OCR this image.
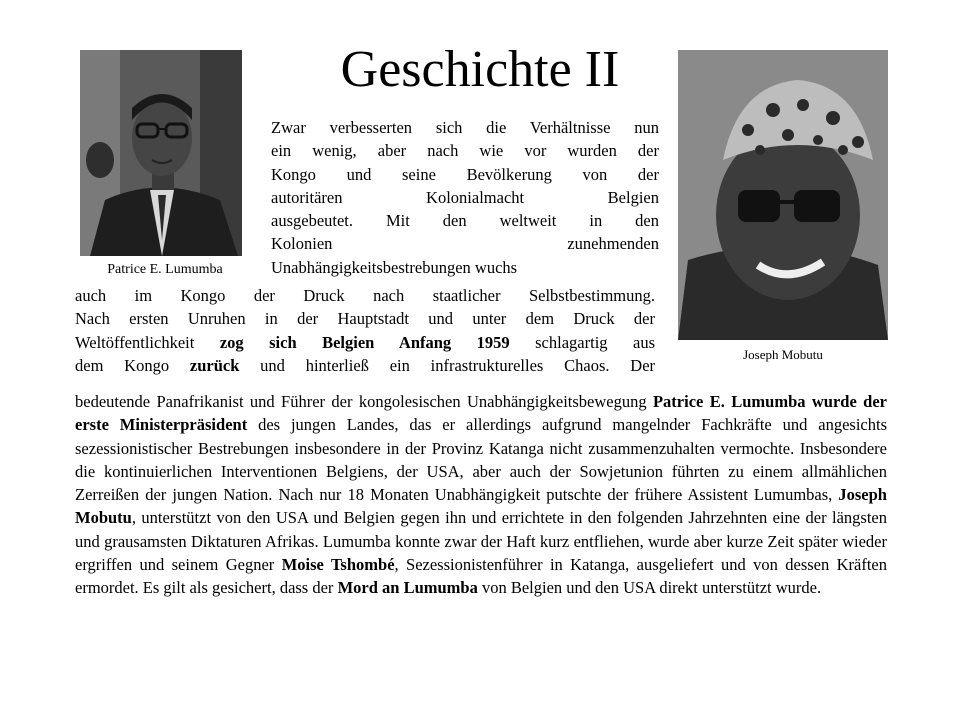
Geschichte II
Patrice E. Lumumba
Joseph Mobutu
Zwar verbesserten sich die Verhältnisse nun
ein wenig, aber nach wie vor wurden der
Kongo und seine Bevölkerung von der
autoritären Kolonialmacht Belgien
ausgebeutet. Mit den weltweit in den
Kolonien zunehmenden
Unabhängigkeitsbestrebungen wuchs
auch im Kongo der Druck nach staatlicher Selbstbestimmung.
Nach ersten Unruhen in der Hauptstadt und unter dem Druck der
Weltöffentlichkeit zog sich Belgien Anfang 1959 schlagartig aus
dem Kongo zurück und hinterließ ein infrastrukturelles Chaos. Der

bedeutende Panafrikanist und Führer der kongolesischen Unabhängigkeitsbewegung Patrice E. Lumumba wurde der erste Ministerpräsident des jungen Landes, das er allerdings aufgrund mangelnder Fachkräfte und angesichts sezessionistischer Bestrebungen insbesondere in der Provinz Katanga nicht zusammenzuhalten vermochte. Insbesondere die kontinuierlichen Interventionen Belgiens, der USA, aber auch der Sowjetunion führten zu einem allmählichen Zerreißen der jungen Nation. Nach nur 18 Monaten Unabhängigkeit putschte der frühere Assistent Lumumbas, Joseph Mobutu, unterstützt von den USA und Belgien gegen ihn und errichtete in den folgenden Jahrzehnten eine der längsten und grausamsten Diktaturen Afrikas. Lumumba konnte zwar der Haft kurz entfliehen, wurde aber kurze Zeit später wieder ergriffen und seinem Gegner Moise Tshombé, Sezessionistenführer in Katanga, ausgeliefert und von dessen Kräften ermordet. Es gilt als gesichert, dass der Mord an Lumumba von Belgien und den USA direkt unterstützt wurde.
